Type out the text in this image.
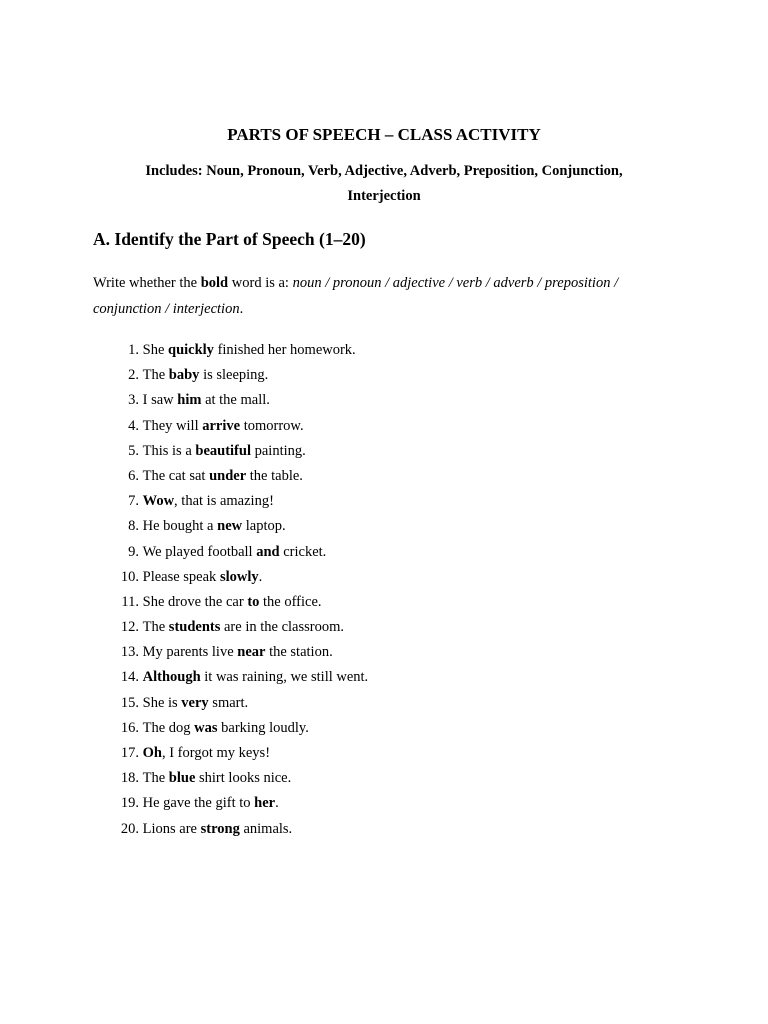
PARTS OF SPEECH – CLASS ACTIVITY

Includes: Noun, Pronoun, Verb, Adjective, Adverb, Preposition, Conjunction, Interjection

A. Identify the Part of Speech (1–20)

Write whether the bold word is a: noun / pronoun / adjective / verb / adverb / preposition / conjunction / interjection.

1. She quickly finished her homework.
2. The baby is sleeping.
3. I saw him at the mall.
4. They will arrive tomorrow.
5. This is a beautiful painting.
6. The cat sat under the table.
7. Wow, that is amazing!
8. He bought a new laptop.
9. We played football and cricket.
10. Please speak slowly.
11. She drove the car to the office.
12. The students are in the classroom.
13. My parents live near the station.
14. Although it was raining, we still went.
15. She is very smart.
16. The dog was barking loudly.
17. Oh, I forgot my keys!
18. The blue shirt looks nice.
19. He gave the gift to her.
20. Lions are strong animals.
